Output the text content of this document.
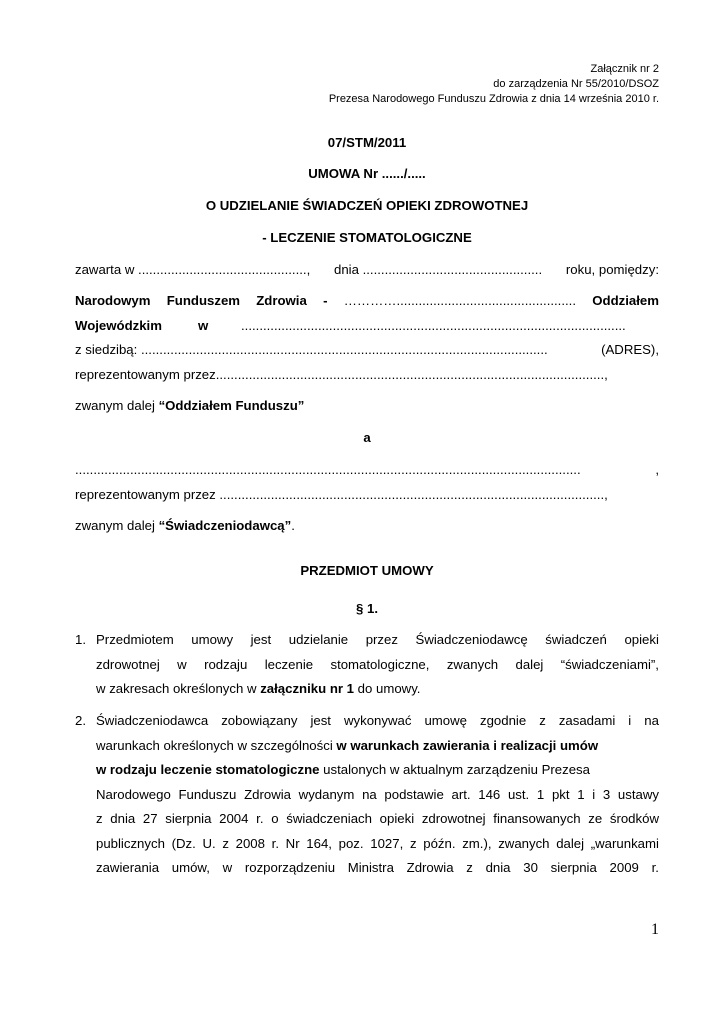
Załącznik nr 2
do zarządzenia Nr 55/2010/DSOZ
Prezesa Narodowego Funduszu Zdrowia z dnia 14 września 2010 r.
07/STM/2011
UMOWA Nr ....../.....
O UDZIELANIE ŚWIADCZEŃ OPIEKI ZDROWOTNEJ
- LECZENIE STOMATOLOGICZNE
zawarta w .............................................., dnia ................................................. roku, pomiędzy:
Narodowym Funduszem Zdrowia - …………................................................. Oddziałem
Wojewódzkim	w .........................................................................................................
z siedzibą: ...............................................................................................................	(ADRES),
reprezentowanym przez..........................................................................................................,
zwanym dalej “Oddziałem Funduszu”
a
..........................................................................................................................................	,
reprezentowanym przez .........................................................................................................,
zwanym dalej “Świadczeniodawcą”.
PRZEDMIOT UMOWY
§ 1.
1. Przedmiotem umowy jest udzielanie przez Świadczeniodawcę świadczeń opieki
zdrowotnej w rodzaju leczenie stomatologiczne, zwanych dalej “świadczeniami”,
w zakresach określonych w załączniku nr 1 do umowy.
2. Świadczeniodawca zobowiązany jest wykonywać umowę zgodnie z zasadami i na
warunkach określonych w szczególności w warunkach zawierania i realizacji umów
w rodzaju leczenie stomatologiczne ustalonych w aktualnym zarządzeniu Prezesa
Narodowego Funduszu Zdrowia wydanym na podstawie art. 146 ust. 1 pkt 1 i 3 ustawy
z dnia 27 sierpnia 2004 r. o świadczeniach opieki zdrowotnej finansowanych ze środków
publicznych (Dz. U. z 2008 r. Nr 164, poz. 1027, z późn. zm.), zwanych dalej „warunkami
zawierania umów, w rozporządzeniu Ministra Zdrowia z dnia 30 sierpnia 2009 r.
1
